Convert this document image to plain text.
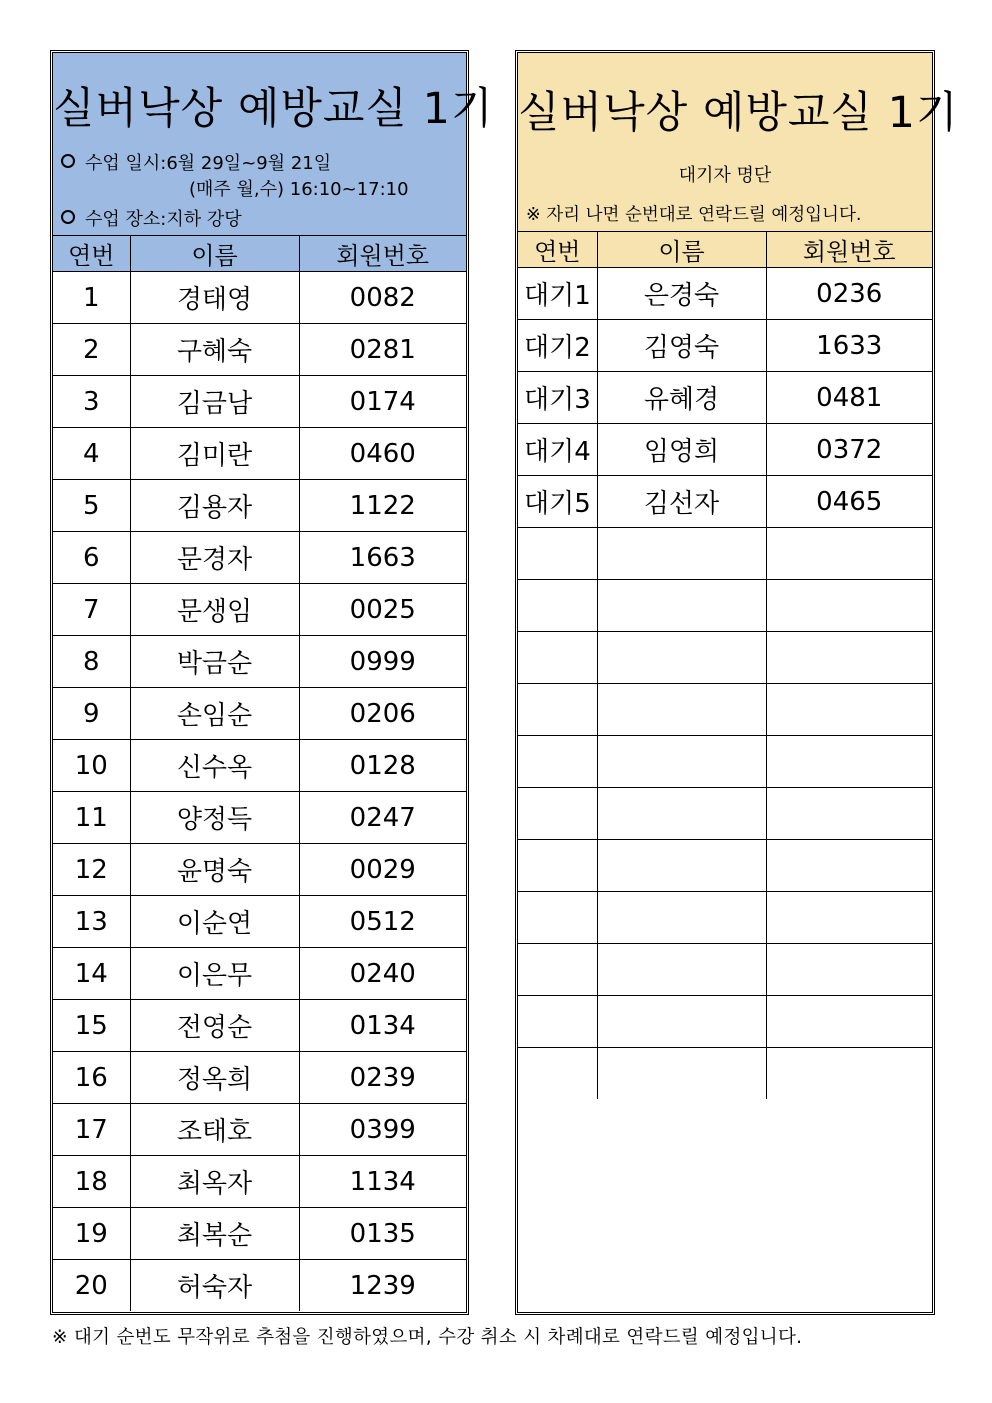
실버낙상 예방교실 1기
수업 일시:6월 29일~9월 21일
(매주 월,수) 16:10~17:10
수업 장소:지하 강당
연번	이름	회원번호
1	경태영	0082
2	구혜숙	0281
3	김금남	0174
4	김미란	0460
5	김용자	1122
6	문경자	1663
7	문생임	0025
8	박금순	0999
9	손임순	0206
10	신수옥	0128
11	양정득	0247
12	윤명숙	0029
13	이순연	0512
14	이은무	0240
15	전영순	0134
16	정옥희	0239
17	조태호	0399
18	최옥자	1134
19	최복순	0135
20	허숙자	1239
실버낙상 예방교실 1기
대기자 명단
※ 자리 나면 순번대로 연락드릴 예정입니다.
연번	이름	회원번호
대기1	은경숙	0236
대기2	김영숙	1633
대기3	유혜경	0481
대기4	임영희	0372
대기5	김선자	0465

※ 대기 순번도 무작위로 추첨을 진행하였으며, 수강 취소 시 차례대로 연락드릴 예정입니다.
